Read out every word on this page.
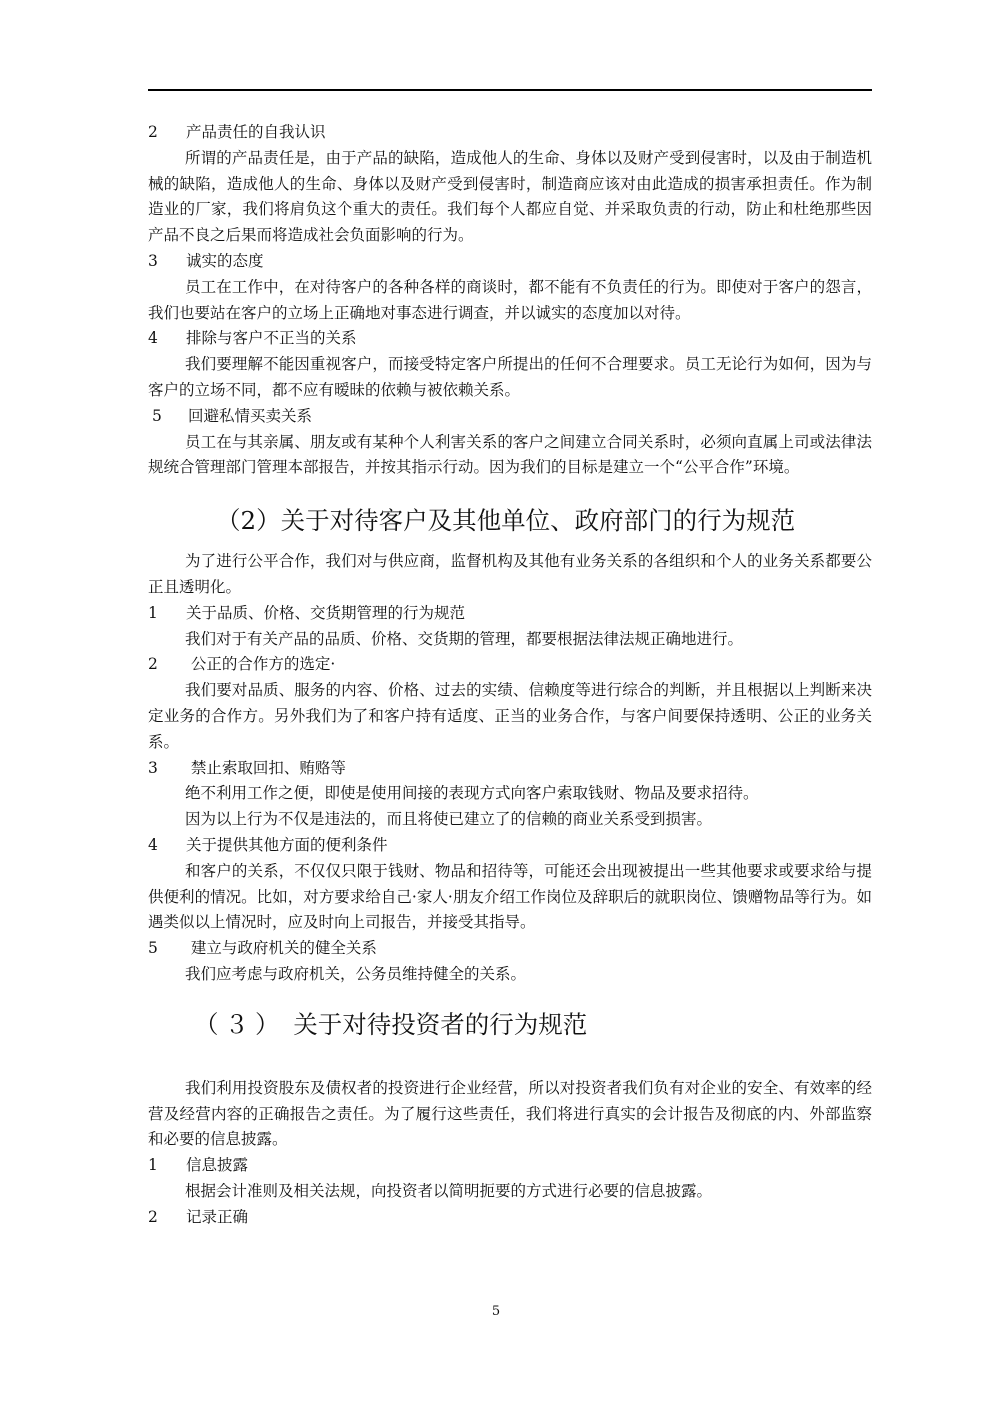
2 产品责任的自我认识

所谓的产品责任是，由于产品的缺陷，造成他人的生命、身体以及财产受到侵害时，以及由于制造机械的缺陷，造成他人的生命、身体以及财产受到侵害时，制造商应该对由此造成的损害承担责任。作为制造业的厂家，我们将肩负这个重大的责任。我们每个人都应自觉、并采取负责的行动，防止和杜绝那些因产品不良之后果而将造成社会负面影响的行为。

3 诚实的态度

员工在工作中，在对待客户的各种各样的商谈时，都不能有不负责任的行为。即使对于客户的怨言，我们也要站在客户的立场上正确地对事态进行调查，并以诚实的态度加以对待。

4 排除与客户不正当的关系

我们要理解不能因重视客户，而接受特定客户所提出的任何不合理要求。员工无论行为如何，因为与客户的立场不同，都不应有暧昧的依赖与被依赖关系。

5 回避私情买卖关系

员工在与其亲属、朋友或有某种个人利害关系的客户之间建立合同关系时，必须向直属上司或法律法规统合管理部门管理本部报告，并按其指示行动。因为我们的目标是建立一个“公平合作”环境。

（2）关于对待客户及其他单位、政府部门的行为规范

为了进行公平合作，我们对与供应商，监督机构及其他有业务关系的各组织和个人的业务关系都要公正且透明化。

1 关于品质、价格、交货期管理的行为规范

我们对于有关产品的品质、价格、交货期的管理，都要根据法律法规正确地进行。

2 公正的合作方的选定·

我们要对品质、服务的内容、价格、过去的实绩、信赖度等进行综合的判断，并且根据以上判断来决定业务的合作方。另外我们为了和客户持有适度、正当的业务合作，与客户间要保持透明、公正的业务关系。

3 禁止索取回扣、贿赂等

绝不利用工作之便，即使是使用间接的表现方式向客户索取钱财、物品及要求招待。

因为以上行为不仅是违法的，而且将使已建立了的信赖的商业关系受到损害。

4 关于提供其他方面的便利条件

和客户的关系，不仅仅只限于钱财、物品和招待等，可能还会出现被提出一些其他要求或要求给与提供便利的情况。比如，对方要求给自己·家人·朋友介绍工作岗位及辞职后的就职岗位、馈赠物品等行为。如遇类似以上情况时，应及时向上司报告，并接受其指导。

5 建立与政府机关的健全关系

我们应考虑与政府机关，公务员维持健全的关系。

（３） 关于对待投资者的行为规范

我们利用投资股东及债权者的投资进行企业经营，所以对投资者我们负有对企业的安全、有效率的经营及经营内容的正确报告之责任。为了履行这些责任，我们将进行真实的会计报告及彻底的内、外部监察和必要的信息披露。

1 信息披露

根据会计准则及相关法规，向投资者以简明扼要的方式进行必要的信息披露。

2 记录正确

5
